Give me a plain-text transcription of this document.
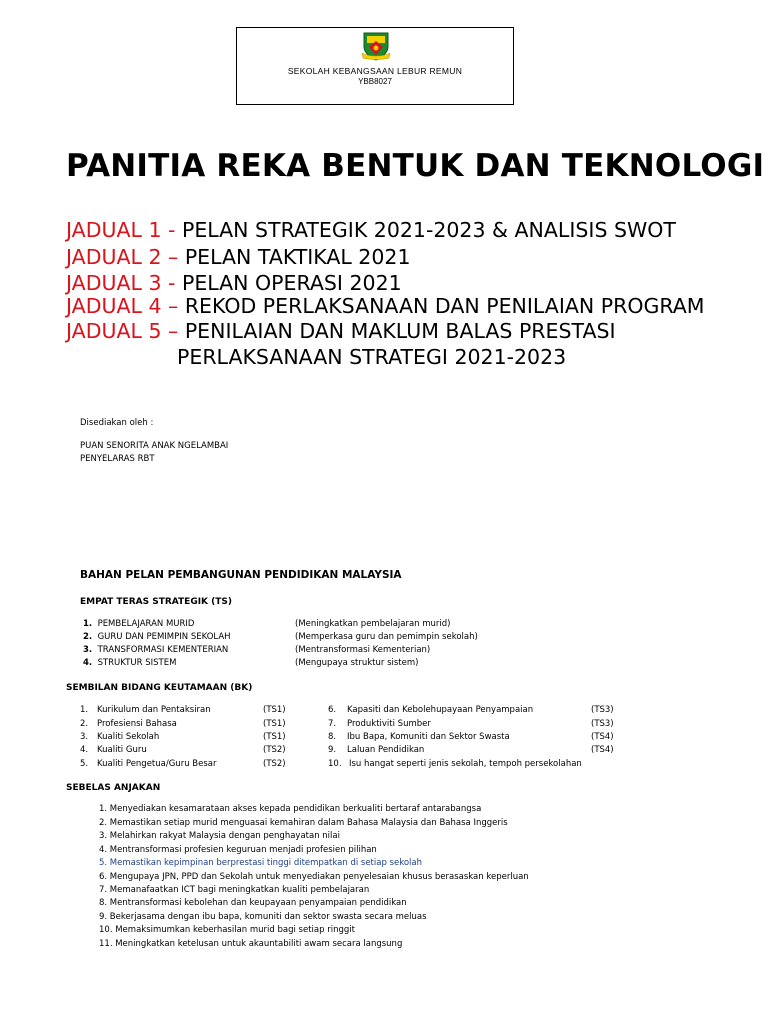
SEKOLAH KEBANGSAAN LEBUR REMUN
YBB8027
PANITIA REKA BENTUK DAN TEKNOLOGI
JADUAL 1 - PELAN STRATEGIK 2021-2023 & ANALISIS SWOT
JADUAL 2 – PELAN TAKTIKAL 2021
JADUAL 3 - PELAN OPERASI 2021
JADUAL 4 – REKOD PERLAKSANAAN DAN PENILAIAN PROGRAM
JADUAL 5 – PENILAIAN DAN MAKLUM BALAS PRESTASI
PERLAKSANAAN STRATEGI 2021-2023
Disediakan oleh :
PUAN SENORITA ANAK NGELAMBAI
PENYELARAS RBT
BAHAN PELAN PEMBANGUNAN PENDIDIKAN MALAYSIA
EMPAT TERAS STRATEGIK (TS)
1. PEMBELAJARAN MURID	(Meningkatkan pembelajaran murid)
2. GURU DAN PEMIMPIN SEKOLAH	(Memperkasa guru dan pemimpin sekolah)
3. TRANSFORMASI KEMENTERIAN	(Mentransformasi Kementerian)
4. STRUKTUR SISTEM	(Mengupaya struktur sistem)
SEMBILAN BIDANG KEUTAMAAN (BK)
1. Kurikulum dan Pentaksiran	(TS1)
2. Profesiensi Bahasa	(TS1)
3. Kualiti Sekolah	(TS1)
4. Kualiti Guru	(TS2)
5. Kualiti Pengetua/Guru Besar	(TS2)
6. Kapasiti dan Kebolehupayaan Penyampaian	(TS3)
7. Produktiviti Sumber	(TS3)
8. Ibu Bapa, Komuniti dan Sektor Swasta	(TS4)
9. Laluan Pendidikan	(TS4)
10. Isu hangat seperti jenis sekolah, tempoh persekolahan
SEBELAS ANJAKAN
1. Menyediakan kesamarataan akses kepada pendidikan berkualiti bertaraf antarabangsa
2. Memastikan setiap murid menguasai kemahiran dalam Bahasa Malaysia dan Bahasa Inggeris
3. Melahirkan rakyat Malaysia dengan penghayatan nilai
4. Mentransformasi profesien keguruan menjadi profesien pilihan
5. Memastikan kepimpinan berprestasi tinggi ditempatkan di setiap sekolah
6. Mengupaya JPN, PPD dan Sekolah untuk menyediakan penyelesaian khusus berasaskan keperluan
7. Memanafaatkan ICT bagi meningkatkan kualiti pembelajaran
8. Mentransformasi kebolehan dan keupayaan penyampaian pendidikan
9. Bekerjasama dengan ibu bapa, komuniti dan sektor swasta secara meluas
10. Memaksimumkan keberhasilan murid bagi setiap ringgit
11. Meningkatkan ketelusan untuk akauntabiliti awam secara langsung
